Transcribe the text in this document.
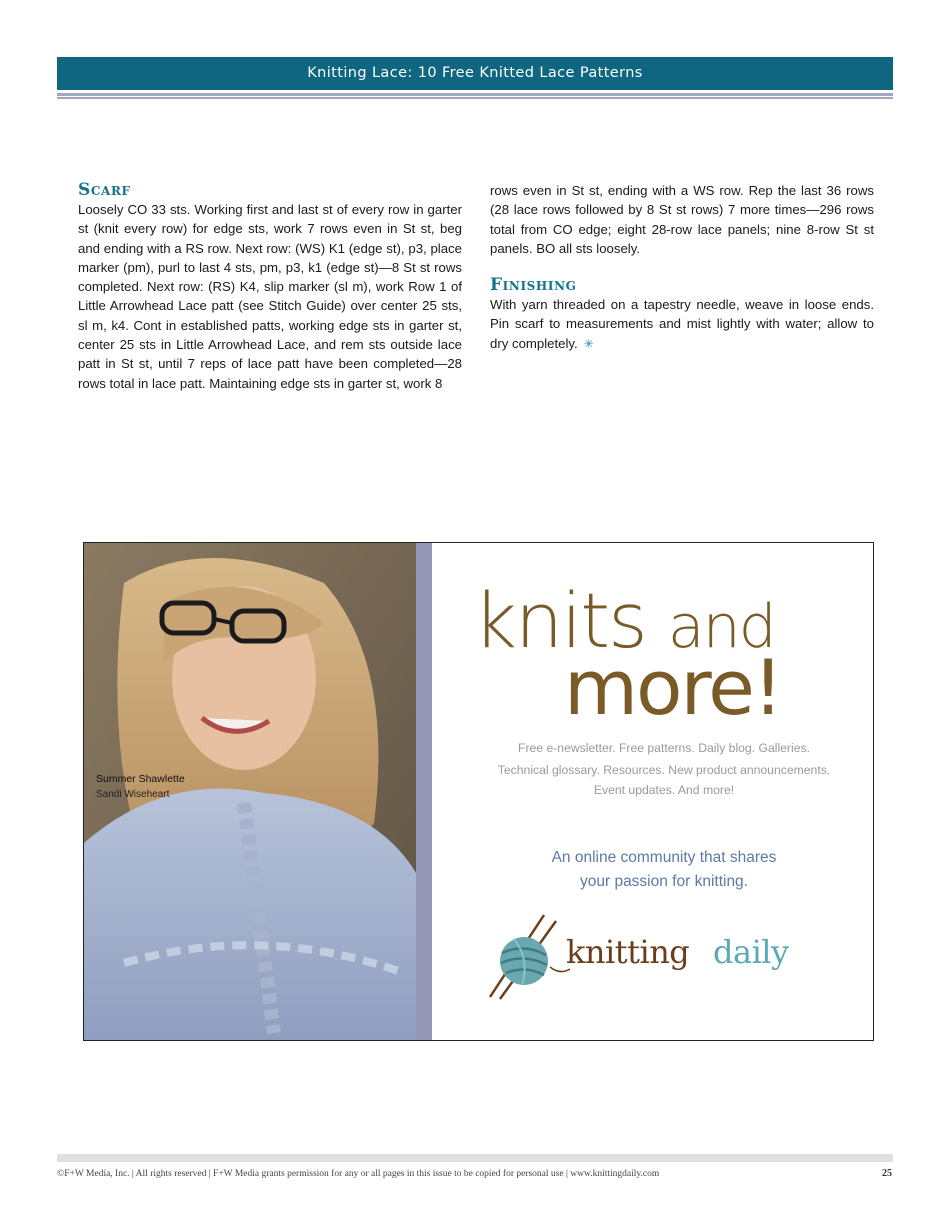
Knitting Lace: 10 Free Knitted Lace Patterns
Scarf

Loosely CO 33 sts. Working first and last st of every row in garter st (knit every row) for edge sts, work 7 rows even in St st, beg and ending with a RS row. Next row: (WS) K1 (edge st), p3, place marker (pm), purl to last 4 sts, pm, p3, k1 (edge st)—8 St st rows completed. Next row: (RS) K4, slip marker (sl m), work Row 1 of Little Arrowhead Lace patt (see Stitch Guide) over center 25 sts, sl m, k4. Cont in established patts, working edge sts in garter st, center 25 sts in Little Arrowhead Lace, and rem sts outside lace patt in St st, until 7 reps of lace patt have been completed—28 rows total in lace patt. Maintaining edge sts in garter st, work 8

rows even in St st, ending with a WS row. Rep the last 36 rows (28 lace rows followed by 8 St st rows) 7 more times—296 rows total from CO edge; eight 28-row lace panels; nine 8-row St st panels. BO all sts loosely.

Finishing

With yarn threaded on a tapestry needle, weave in loose ends. Pin scarf to measurements and mist lightly with water; allow to dry completely. ✳

Summer Shawlette
Sandi Wiseheart
knits and
more!
Free e-newsletter. Free patterns. Daily blog. Galleries.
Technical glossary. Resources. New product announcements.
Event updates. And more!
An online community that shares
your passion for knitting.
knitting daily
©F+W Media, Inc. | All rights reserved | F+W Media grants permission for any or all pages in this issue to be copied for personal use | www.knittingdaily.com	25
